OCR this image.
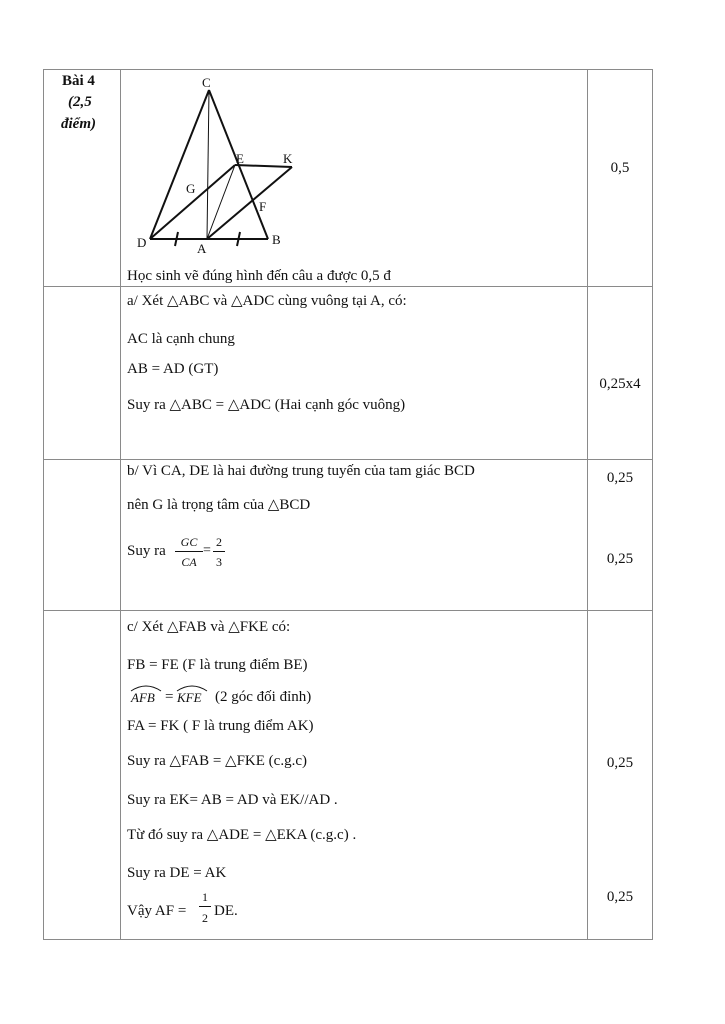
Bài 4
(2,5
điểm)
C
E	K
G
F
D	A
B
Học sinh vẽ đúng hình đến câu a được 0,5 đ
0,5
a/ Xét △ABC và △ADC cùng vuông tại A, có:
AC là cạnh chung
AB = AD (GT)
Suy ra △ABC = △ADC (Hai cạnh góc vuông)
0,25x4
b/ Vì CA, DE là hai đường trung tuyến của tam giác BCD
nên G là trọng tâm của △BCD
Suy ra
GC
CA
=
2
3
0,25
0,25
c/ Xét △FAB và △FKE có:
FB = FE (F là trung điểm BE)
AFB = KFE (2 góc đối đỉnh)
FA = FK ( F là trung điểm AK)
Suy ra △FAB = △FKE (c.g.c)
Suy ra EK= AB = AD và EK//AD .
Từ đó suy ra △ADE = △EKA (c.g.c) .
Suy ra DE = AK
Vậy AF =
1
2 DE.
0,25
0,25
